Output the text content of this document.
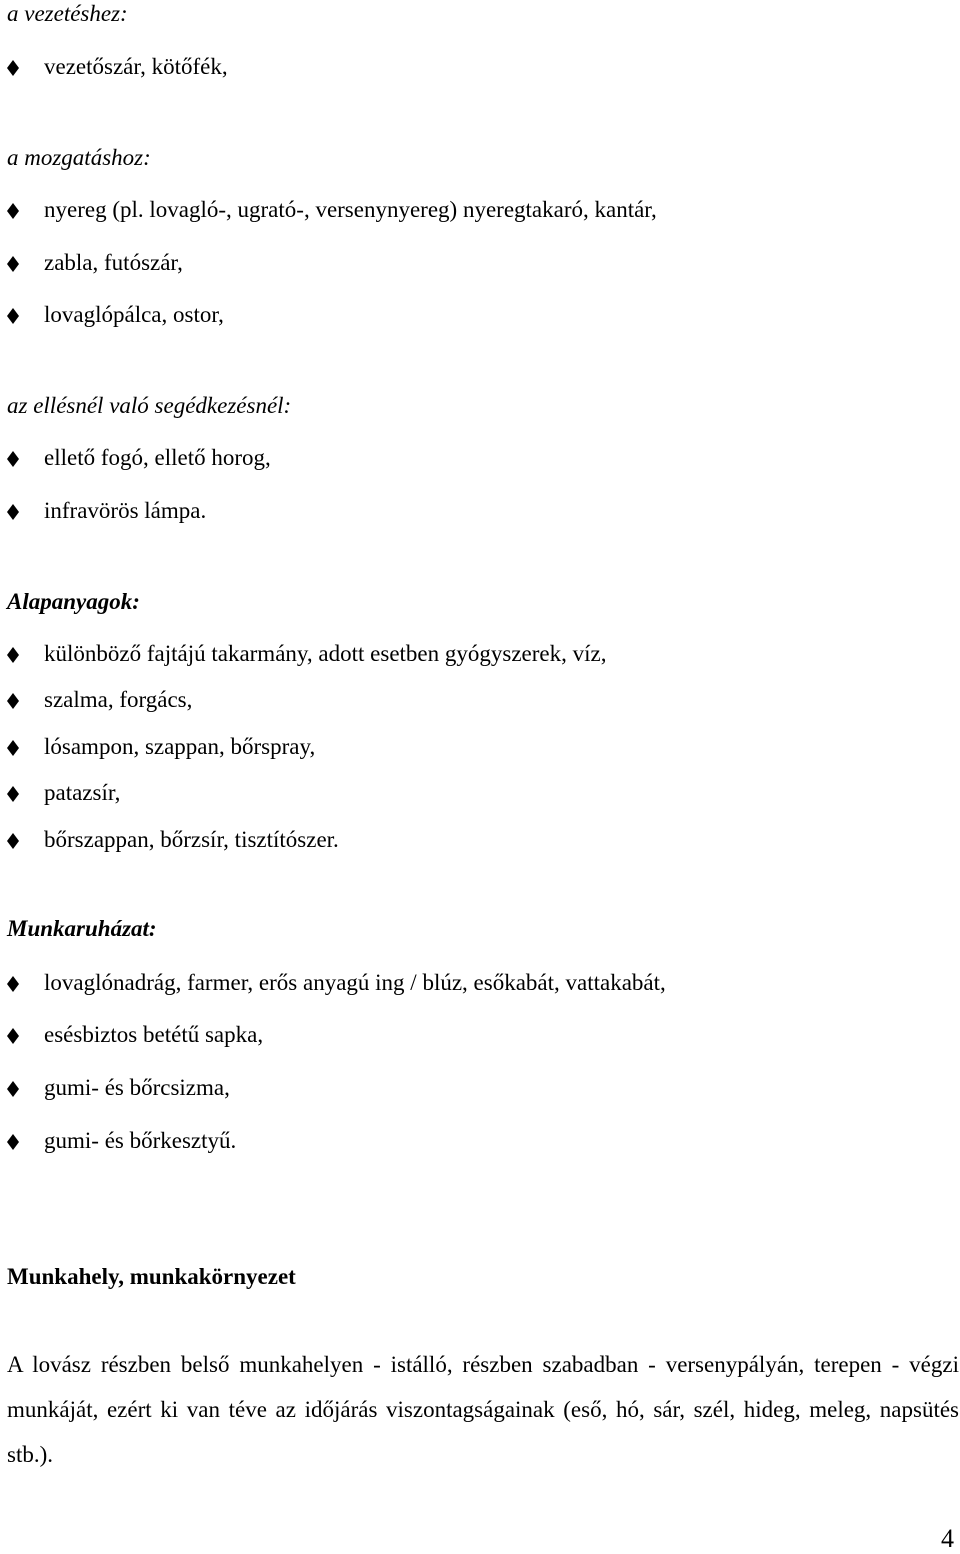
a vezetéshez:
vezetőszár, kötőfék,
a mozgatáshoz:
nyereg (pl. lovagló-, ugrató-, versenynyereg) nyeregtakaró, kantár,
zabla, futószár,
lovaglópálca, ostor,
az ellésnél való segédkezésnél:
ellető fogó, ellető horog,
infravörös lámpa.
Alapanyagok:
különböző fajtájú takarmány, adott esetben gyógyszerek, víz,
szalma, forgács,
lósampon, szappan, bőrspray,
patazsír,
bőrszappan, bőrzsír, tisztítószer.
Munkaruházat:
lovaglónadrág, farmer, erős anyagú ing / blúz, esőkabát, vattakabát,
esésbiztos betétű sapka,
gumi- és bőrcsizma,
gumi- és bőrkesztyű.
Munkahely, munkakörnyezet
A lovász részben belső munkahelyen - istálló, részben szabadban - versenypályán, terepen - végzi munkáját, ezért ki van téve az időjárás viszontagságainak (eső, hó, sár, szél, hideg, meleg, napsütés stb.).
4
